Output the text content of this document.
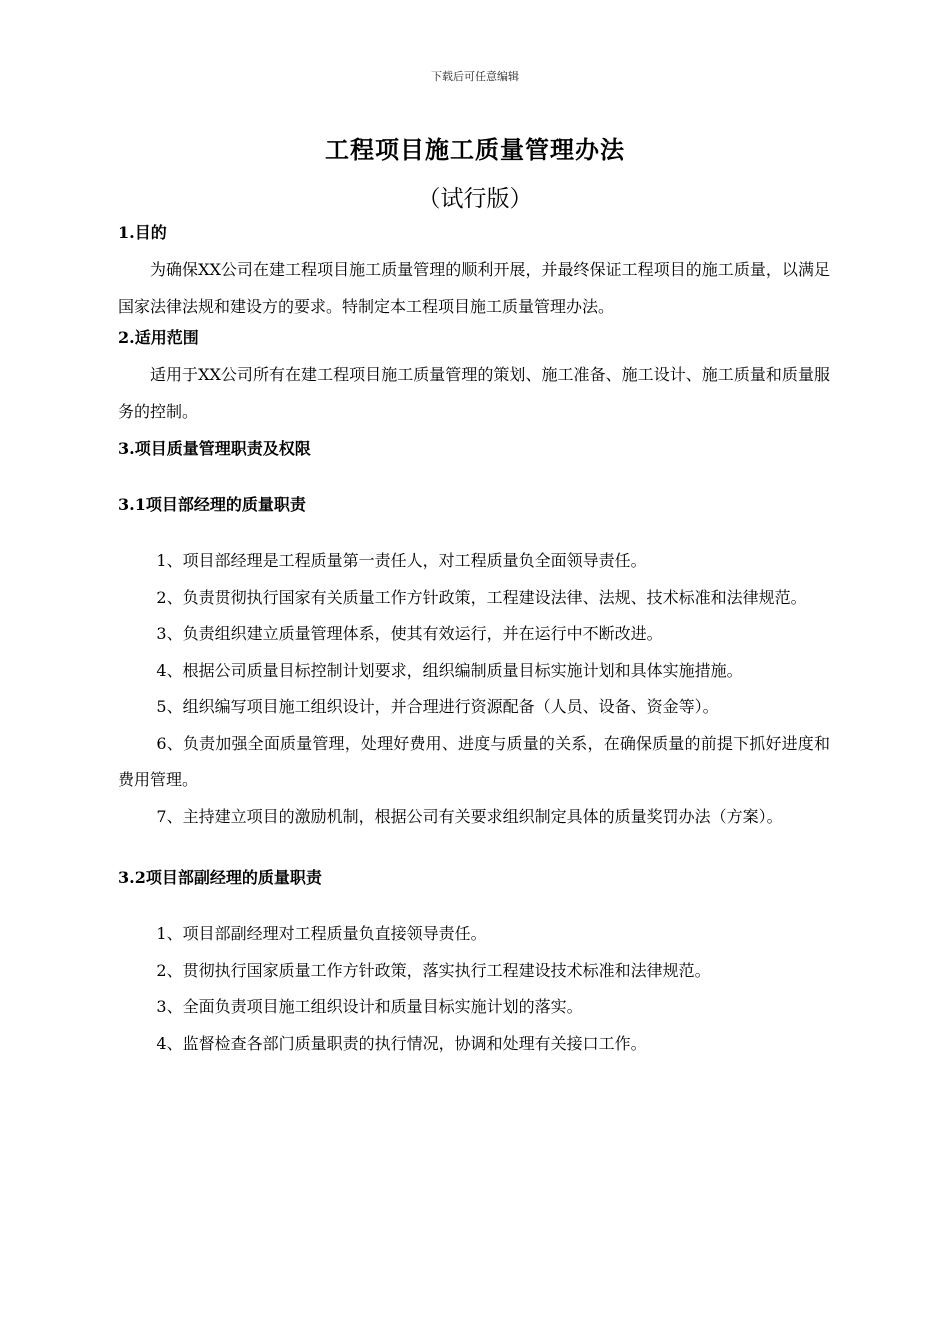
下载后可任意编辑
工程项目施工质量管理办法
（试行版）

1.目的

为确保XX公司在建工程项目施工质量管理的顺利开展，并最终保证工程项目的施工质量，以满足国家法律法规和建设方的要求。特制定本工程项目施工质量管理办法。

2.适用范围

适用于XX公司所有在建工程项目施工质量管理的策划、施工准备、施工设计、施工质量和质量服务的控制。

3.项目质量管理职责及权限

3.1项目部经理的质量职责

1、项目部经理是工程质量第一责任人，对工程质量负全面领导责任。

2、负责贯彻执行国家有关质量工作方针政策，工程建设法律、法规、技术标准和法律规范。

3、负责组织建立质量管理体系，使其有效运行，并在运行中不断改进。

4、根据公司质量目标控制计划要求，组织编制质量目标实施计划和具体实施措施。

5、组织编写项目施工组织设计，并合理进行资源配备（人员、设备、资金等）。

6、负责加强全面质量管理，处理好费用、进度与质量的关系，在确保质量的前提下抓好进度和费用管理。

7、主持建立项目的激励机制，根据公司有关要求组织制定具体的质量奖罚办法（方案）。

3.2项目部副经理的质量职责

1、项目部副经理对工程质量负直接领导责任。

2、贯彻执行国家质量工作方针政策，落实执行工程建设技术标准和法律规范。

3、全面负责项目施工组织设计和质量目标实施计划的落实。

4、监督检查各部门质量职责的执行情况，协调和处理有关接口工作。
